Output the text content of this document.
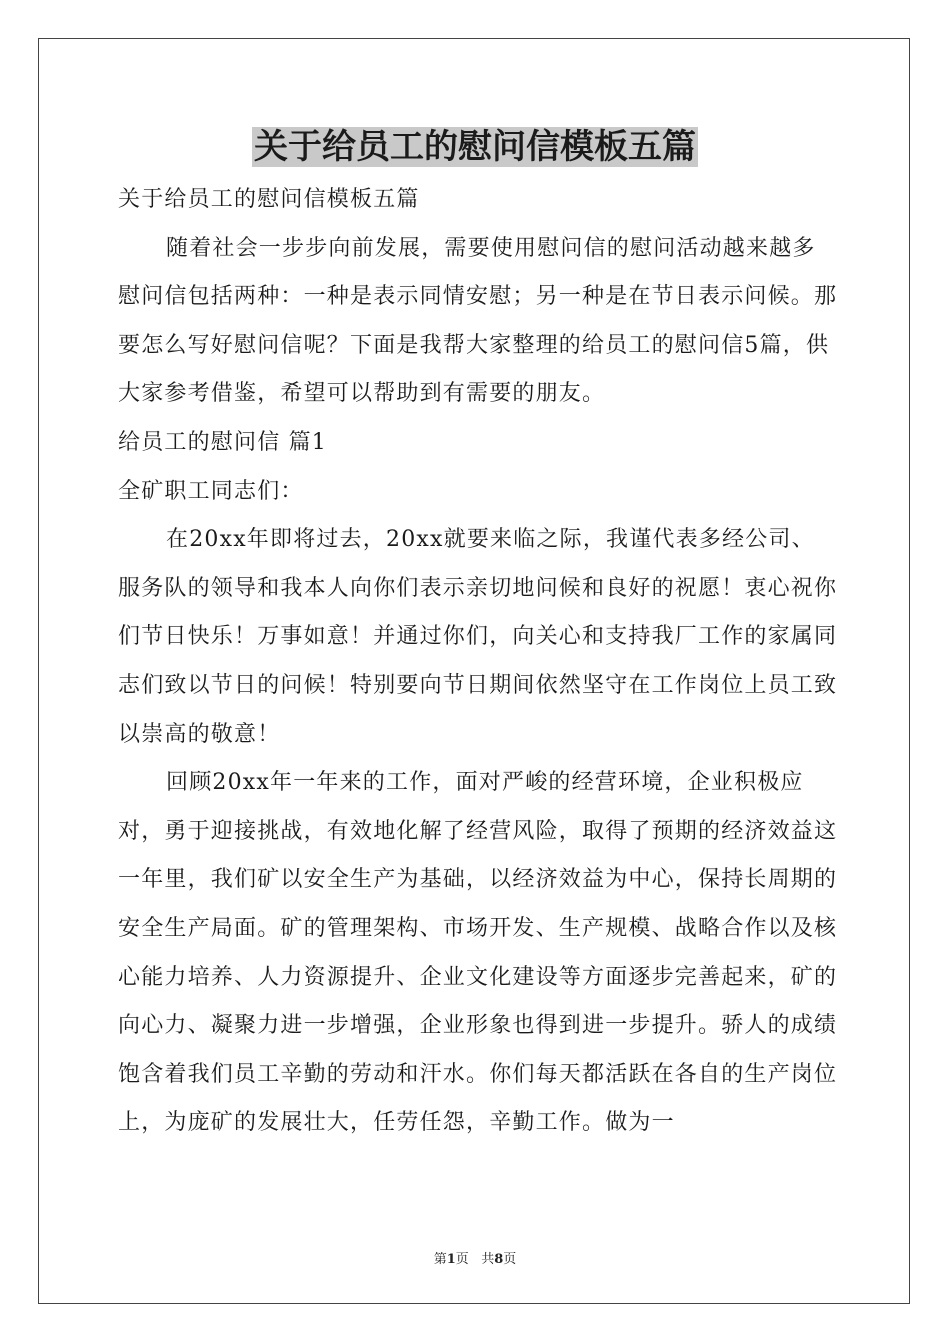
关于给员工的慰问信模板五篇

关于给员工的慰问信模板五篇

随着社会一步步向前发展，需要使用慰问信的慰问活动越来越多慰问信包括两种：一种是表示同情安慰；另一种是在节日表示问候。那要怎么写好慰问信呢？下面是我帮大家整理的给员工的慰问信5篇，供大家参考借鉴，希望可以帮助到有需要的朋友。

给员工的慰问信 篇1

全矿职工同志们：

在20xx年即将过去，20xx就要来临之际，我谨代表多经公司、服务队的领导和我本人向你们表示亲切地问候和良好的祝愿！衷心祝你们节日快乐！万事如意！并通过你们，向关心和支持我厂工作的家属同志们致以节日的问候！特别要向节日期间依然坚守在工作岗位上员工致以崇高的敬意！

回顾20xx年一年来的工作，面对严峻的经营环境，企业积极应对，勇于迎接挑战，有效地化解了经营风险，取得了预期的经济效益这一年里，我们矿以安全生产为基础，以经济效益为中心，保持长周期的安全生产局面。矿的管理架构、市场开发、生产规模、战略合作以及核心能力培养、人力资源提升、企业文化建设等方面逐步完善起来，矿的向心力、凝聚力进一步增强，企业形象也得到进一步提升。骄人的成绩饱含着我们员工辛勤的劳动和汗水。你们每天都活跃在各自的生产岗位上，为庞矿的发展壮大，任劳任怨，辛勤工作。做为一

第1页 共8页
